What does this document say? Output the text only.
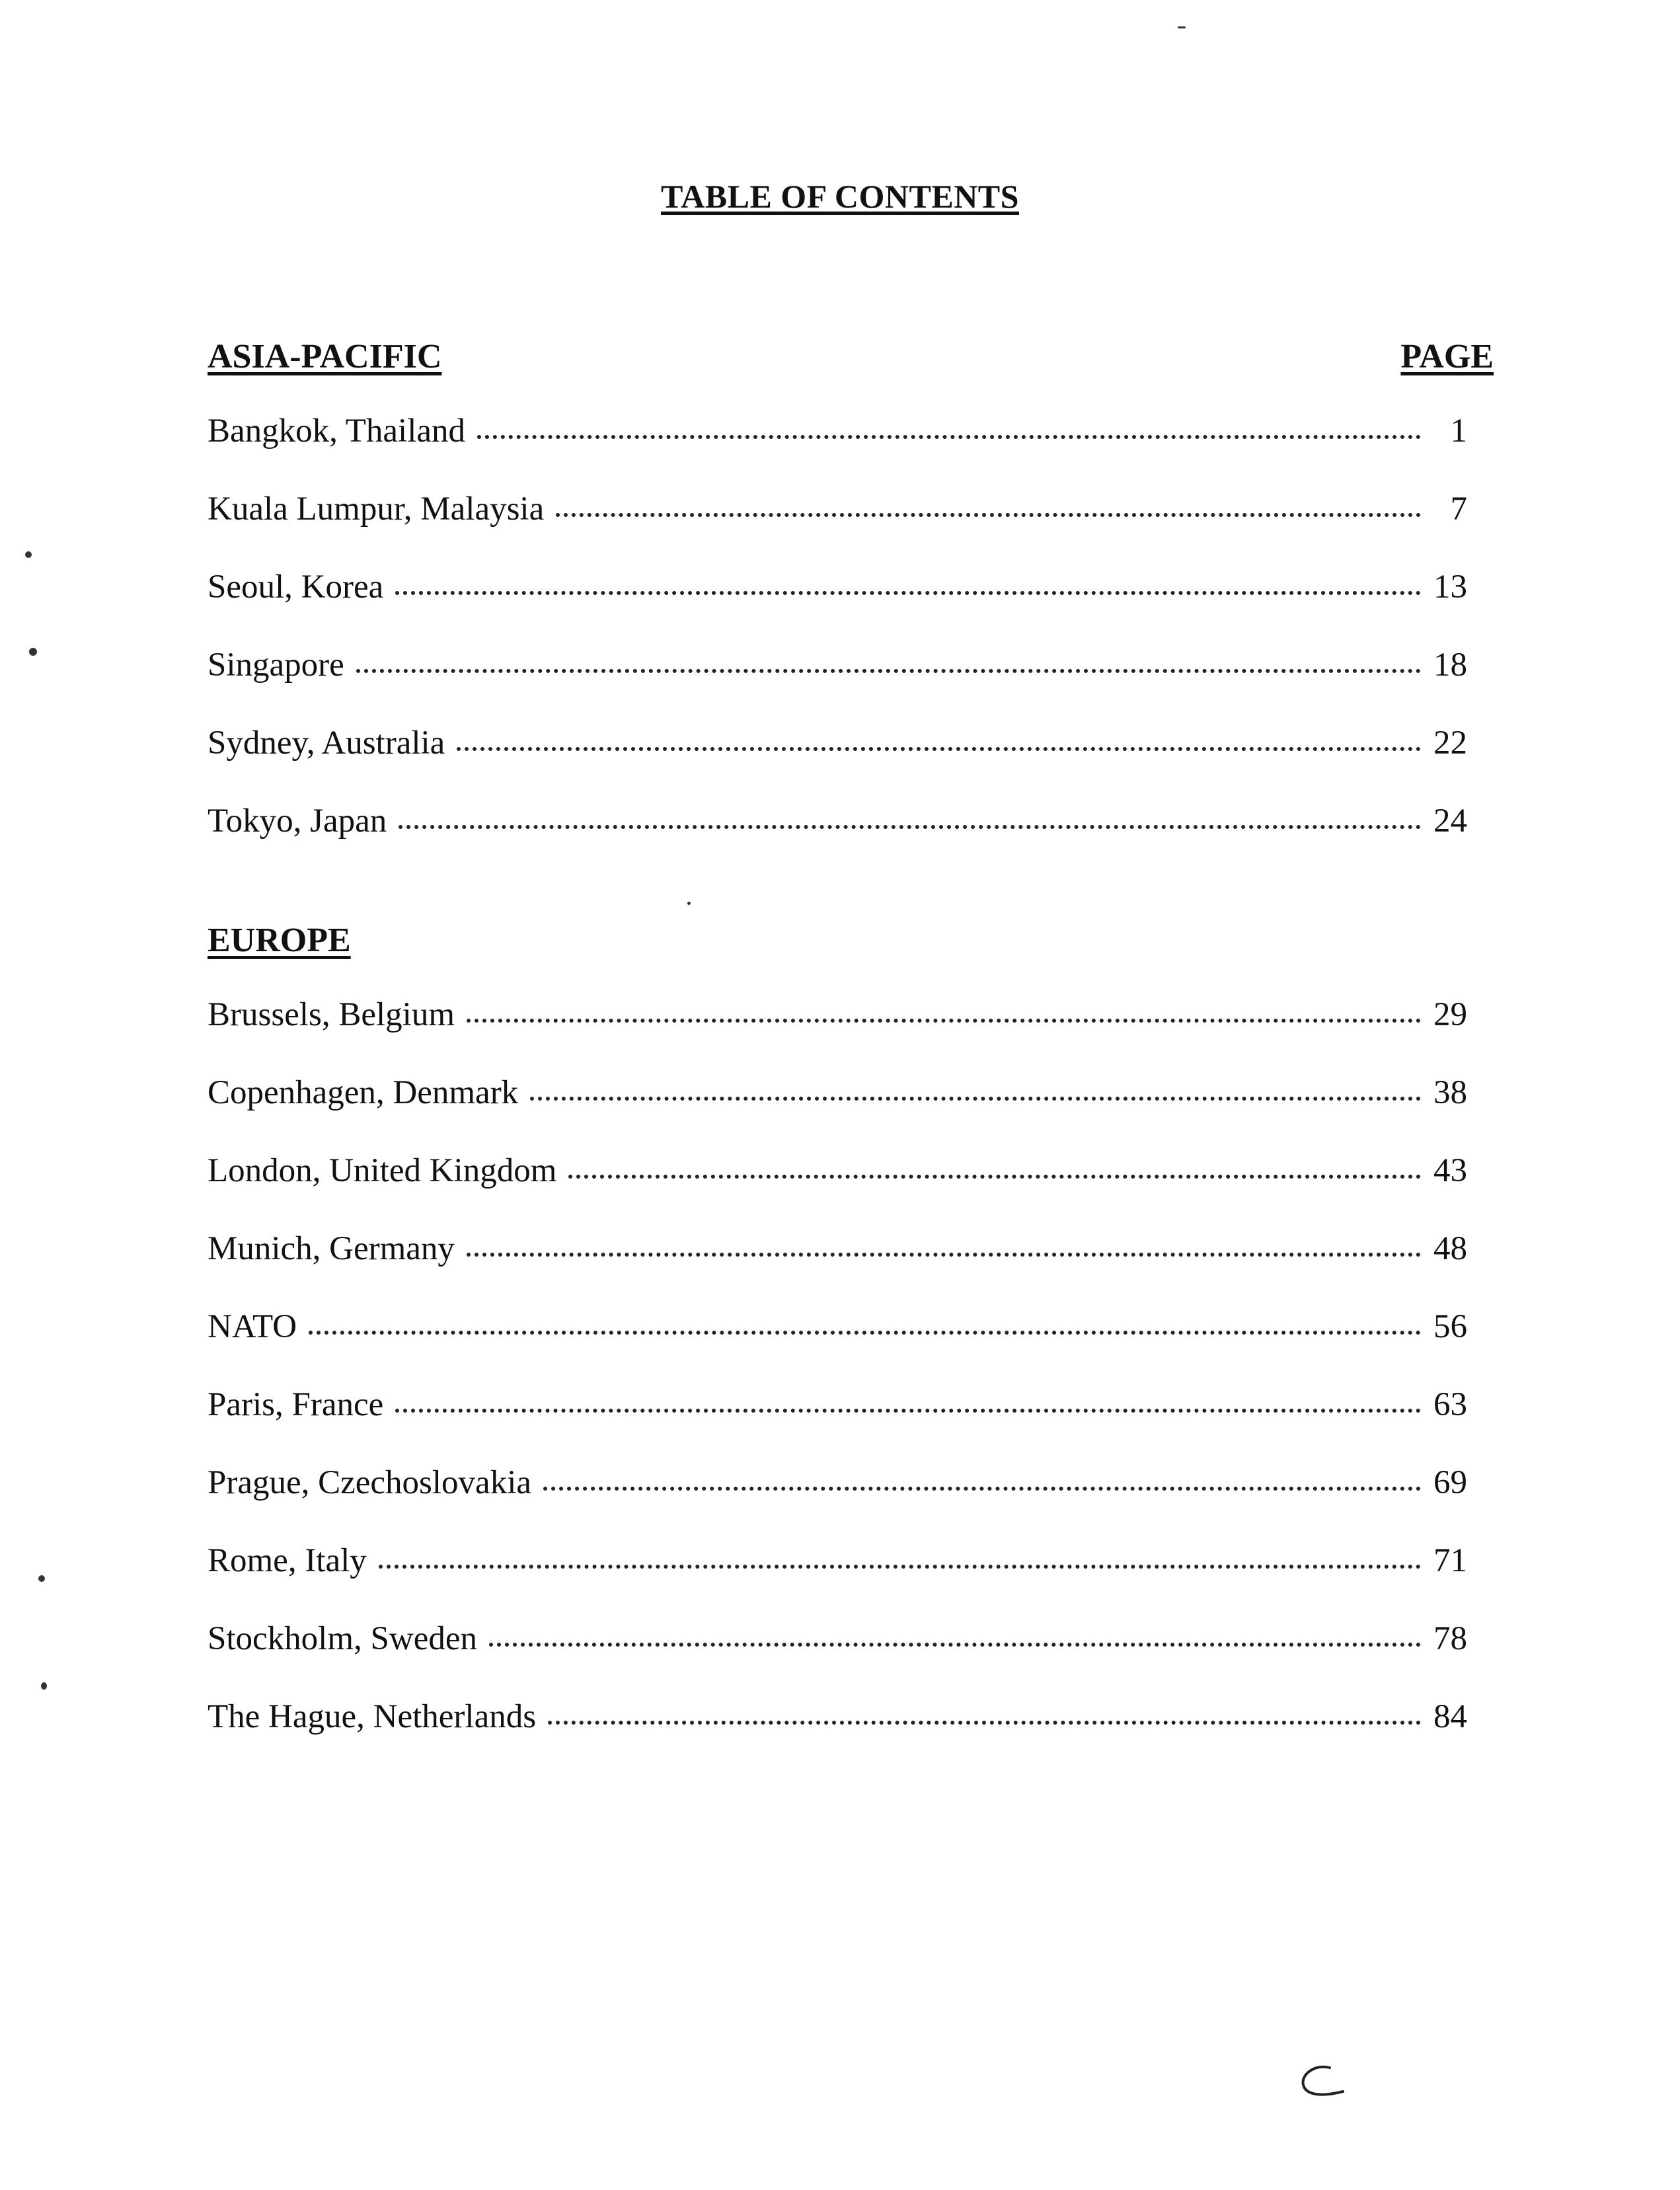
TABLE OF CONTENTS
ASIA-PACIFIC	PAGE
Bangkok, Thailand	1
Kuala Lumpur, Malaysia	7
Seoul, Korea	13
Singapore	18
Sydney, Australia	22
Tokyo, Japan	24
EUROPE
Brussels, Belgium	29
Copenhagen, Denmark	38
London, United Kingdom	43
Munich, Germany	48
NATO	56
Paris, France	63
Prague, Czechoslovakia	69
Rome, Italy	71
Stockholm, Sweden	78
The Hague, Netherlands	84
